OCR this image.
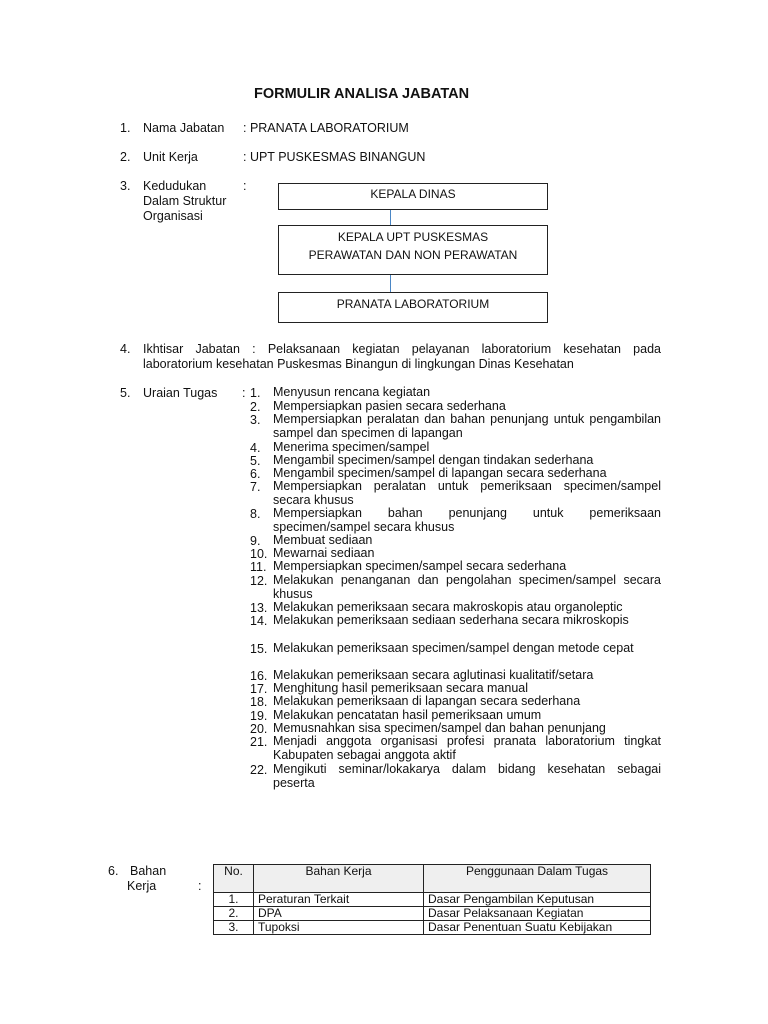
FORMULIR ANALISA JABATAN
1. Nama Jabatan : PRANATA LABORATORIUM
2. Unit Kerja	: UPT PUSKESMAS BINANGUN
3. Kedudukan	:
Dalam Struktur
Organisasi
KEPALA DINAS
KEPALA UPT PUSKESMAS
PERAWATAN DAN NON PERAWATAN
PRANATA LABORATORIUM
4. Ikhtisar Jabatan : Pelaksanaan kegiatan pelayanan laboratorium kesehatan pada
laboratorium kesehatan Puskesmas Binangun di lingkungan Dinas Kesehatan
5. Uraian Tugas : 1.	Menyusun rencana kegiatan
2.	Mempersiapkan pasien secara sederhana
3.	Mempersiapkan peralatan dan bahan penunjang untuk pengambilan sampel dan specimen di lapangan
4.	Menerima specimen/sampel
5.	Mengambil specimen/sampel dengan tindakan sederhana
6.	Mengambil specimen/sampel di lapangan secara sederhana
7.	Mempersiapkan peralatan untuk pemeriksaan specimen/sampel secara khusus
8.	Mempersiapkan bahan penunjang untuk pemeriksaan specimen/sampel secara khusus
9.	Membuat sediaan
10. Mewarnai sediaan
11. Mempersiapkan specimen/sampel secara sederhana
12. Melakukan penanganan dan pengolahan specimen/sampel secara khusus
13. Melakukan pemeriksaan secara makroskopis atau organoleptic
14. Melakukan pemeriksaan sediaan sederhana secara mikroskopis
15. Melakukan pemeriksaan specimen/sampel dengan metode cepat
16. Melakukan pemeriksaan secara aglutinasi kualitatif/setara
17. Menghitung hasil pemeriksaan secara manual
18. Melakukan pemeriksaan di lapangan secara sederhana
19. Melakukan pencatatan hasil pemeriksaan umum
20. Memusnahkan sisa specimen/sampel dan bahan penunjang
21. Menjadi anggota organisasi profesi pranata laboratorium tingkat Kabupaten sebagai anggota aktif
22. Mengikuti seminar/lokakarya dalam bidang kesehatan sebagai peserta
6. Bahan
Kerja	:
No.	Bahan Kerja	Penggunaan Dalam Tugas
1.	Peraturan Terkait	Dasar Pengambilan Keputusan
2.	DPA	Dasar Pelaksanaan Kegiatan
3.	Tupoksi	Dasar Penentuan Suatu Kebijakan
